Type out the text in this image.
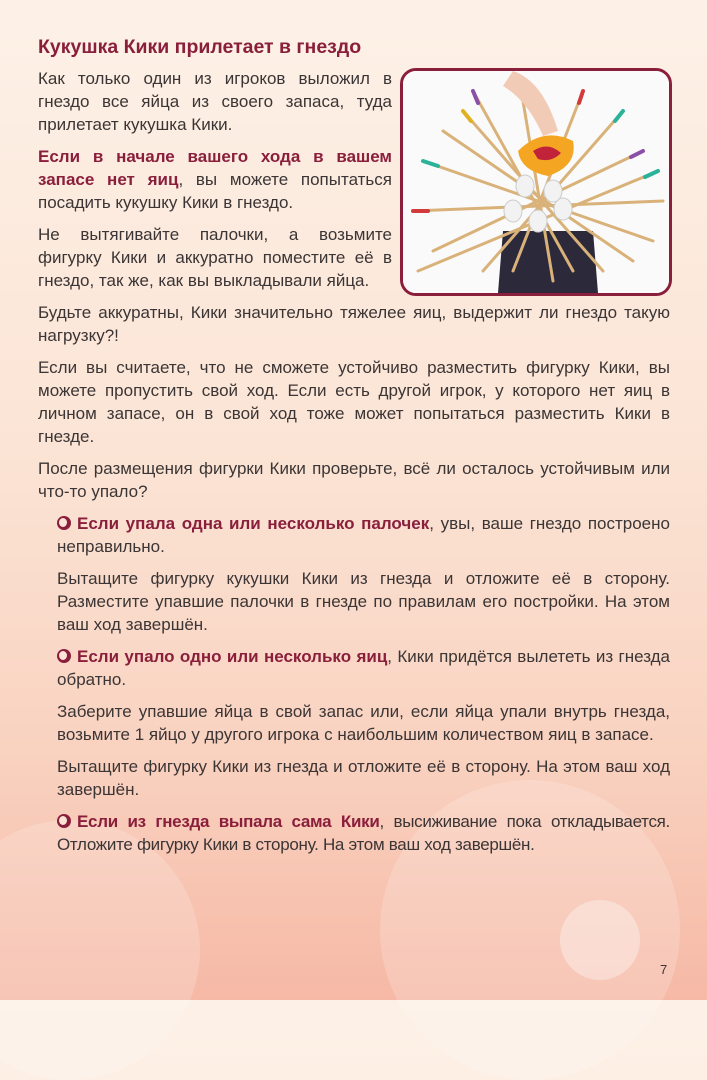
Кукушка Кики прилетает в гнездо

Как только один из игроков выложил в гнездо все яйца из своего запаса, туда прилетает кукушка Кики.

Если в начале вашего хода в вашем запасе нет яиц, вы можете попытаться посадить кукушку Кики в гнездо.

Не вытягивайте палочки, а возьмите фигурку Кики и аккуратно поместите её в гнездо, так же, как вы выкладывали яйца.

Будьте аккуратны, Кики значительно тяжелее яиц, выдержит ли гнездо такую нагрузку?!

Если вы считаете, что не сможете устойчиво разместить фигурку Кики, вы можете пропустить свой ход. Если есть другой игрок, у которого нет яиц в личном запасе, он в свой ход тоже может попытаться разместить Кики в гнезде.

После размещения фигурки Кики проверьте, всё ли осталось устойчивым или что-то упало?

Если упала одна или несколько палочек, увы, ваше гнездо построено неправильно.

Вытащите фигурку кукушки Кики из гнезда и отложите её в сторону. Разместите упавшие палочки в гнезде по правилам его постройки. На этом ваш ход завершён.

Если упало одно или несколько яиц, Кики придётся вылететь из гнезда обратно.

Заберите упавшие яйца в свой запас или, если яйца упали внутрь гнезда, возьмите 1 яйцо у другого игрока с наибольшим количеством яиц в запасе.

Вытащите фигурку Кики из гнезда и отложите её в сторону. На этом ваш ход завершён.

Если из гнезда выпала сама Кики, высиживание пока откладывается. Отложите фигурку Кики в сторону. На этом ваш ход завершён.

7
